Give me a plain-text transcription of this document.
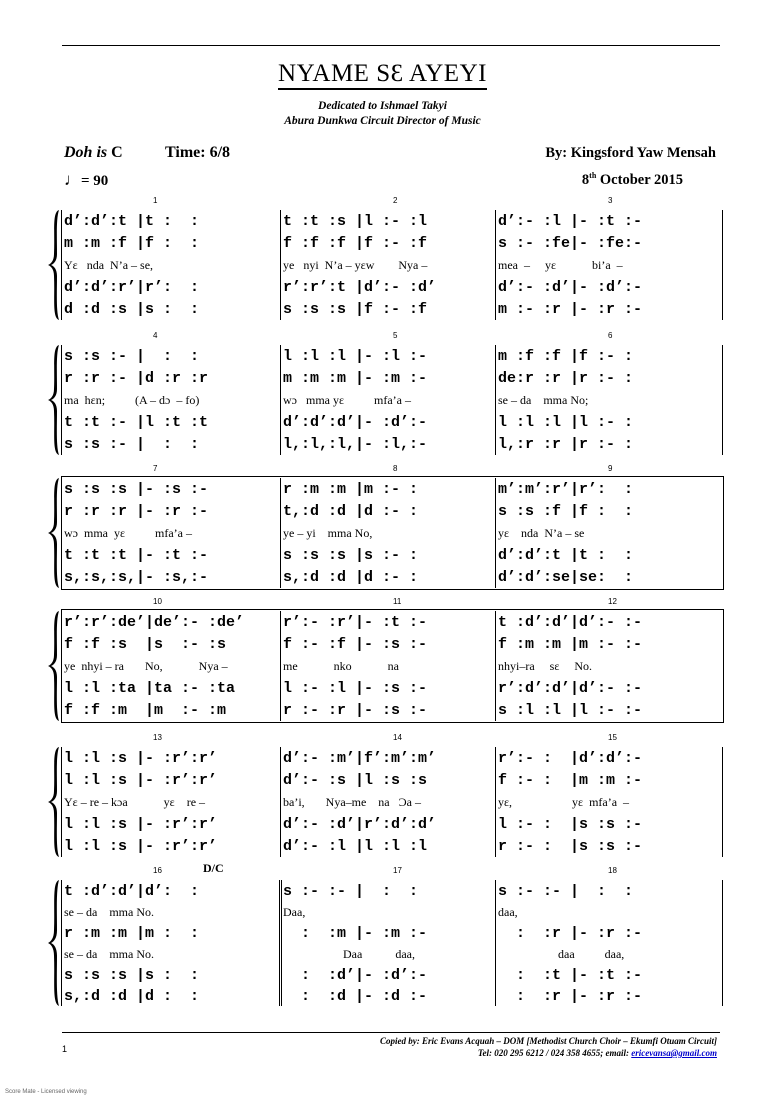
NYAME SƐ AYEYI
Dedicated to Ishmael Takyi
Abura Dunkwa Circuit Director of Music
Doh is C	Time: 6/8	By: Kingsford Yaw Mensah
♩= 90	8th October 2015
1	2	3
d’:d’:t |t :  :	t :t :s |l :- :l	d’:- :l |- :t :-
m :m :f |f :  :	f :f :f |f :- :f	s :- :fe|- :fe:-
Yɛ   nda  N’a – se,	ye   nyi  N’a – yɛw        Nya –	mea  –     yɛ            bi’a  –
d’:d’:r’|r’:  :	r’:r’:t |d’:- :d’	d’:- :d’|- :d’:-
d :d :s |s :  :	s :s :s |f :- :f	m :- :r |- :r :-
4	5	6
s :s :- |  :  :	l :l :l |- :l :-	m :f :f |f :- :
r :r :- |d :r :r	m :m :m |- :m :-	de:r :r |r :- :
ma  hɛn;          (A – dɔ  – fo)	wɔ   mma yɛ          mfa’a –	se – da    mma No;
t :t :- |l :t :t	d’:d’:d’|- :d’:-	l :l :l |l :- :
s :s :- |  :  :	l,:l,:l,|- :l,:-	l,:r :r |r :- :
7	8	9
s :s :s |- :s :-	r :m :m |m :- :	m’:m’:r’|r’:  :
r :r :r |- :r :-	t,:d :d |d :- :	s :s :f |f :  :
wɔ  mma  yɛ          mfa’a –	ye – yi    mma No,	yɛ    nda  N’a – se
t :t :t |- :t :-	s :s :s |s :- :	d’:d’:t |t :  :
s,:s,:s,|- :s,:-	s,:d :d |d :- :	d’:d’:se|se:  :
10	11	12
r’:r’:de’|de’:- :de’	r’:- :r’|- :t :-	t :d’:d’|d’:- :-
f :f :s  |s  :- :s	f :- :f |- :s :-	f :m :m |m :- :-
ye  nhyi – ra       No,            Nya –	me            nko            na	nhyi–ra     sɛ     No.
l :l :ta |ta :- :ta	l :- :l |- :s :-	r’:d’:d’|d’:- :-
f :f :m  |m  :- :m	r :- :r |- :s :-	s :l :l |l :- :-
13	14	15
l :l :s |- :r’:r’	d’:- :m’|f’:m’:m’	r’:- :  |d’:d’:-
l :l :s |- :r’:r’	d’:- :s |l :s :s	f :- :  |m :m :-
Yɛ – re – kɔa            yɛ    re –	ba’i,       Nya–me    na   Ɔa –	yɛ,                    yɛ  mfa’a  –
l :l :s |- :r’:r’	d’:- :d’|r’:d’:d’	l :- :  |s :s :-
l :l :s |- :r’:r’	d’:- :l |l :l :l	r :- :  |s :s :-
16	17	18
D/C
t :d’:d’|d’:  :	s :- :- |  :  :	s :- :- |  :  :
se – da    mma No.	Daa,	daa,
r :m :m |m :  :	:  :m |- :m :-	:  :r |- :r :-
se – da    mma No.	Daa           daa,	daa          daa,
s :s :s |s :  :	:  :d’|- :d’:-	:  :t |- :t :-
s,:d :d |d :  :	:  :d |- :d :-	:  :r |- :r :-
Copied by: Eric Evans Acquah – DOM [Methodist Church Choir – Ekumfi Otuam Circuit]
Tel: 020 295 6212 / 024 358 4655; email: ericevansa@gmail.com
1
Score Mate - Licensed viewing
